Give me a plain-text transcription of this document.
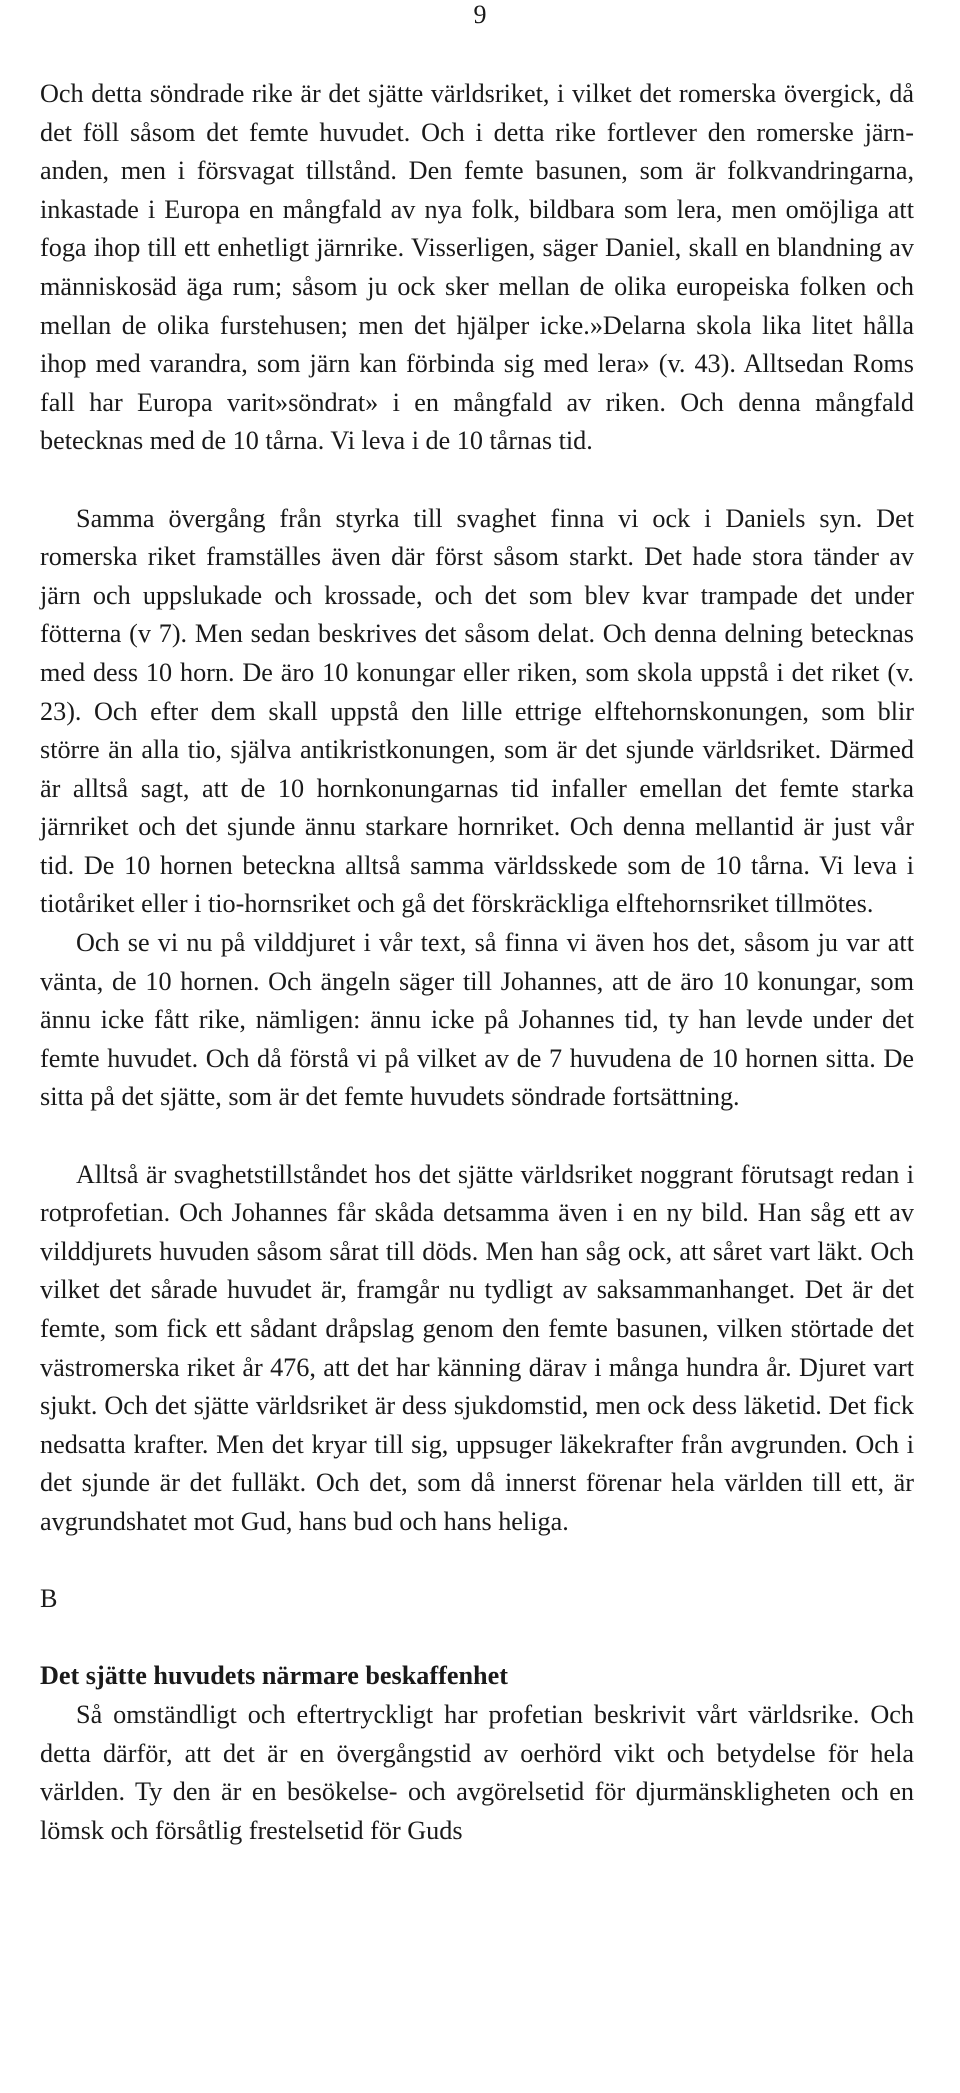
9

Och detta söndrade rike är det sjätte världsriket, i vilket det romerska övergick, då det föll såsom det femte huvudet. Och i detta rike fortlever den romerske järn-anden, men i försvagat tillstånd. Den femte basunen, som är folkvandringarna, inkastade i Europa en mångfald av nya folk, bildbara som lera, men omöjliga att foga ihop till ett enhetligt järnrike. Visserligen, säger Daniel, skall en blandning av människosäd äga rum; såsom ju ock sker mellan de olika europeiska folken och mellan de olika furstehusen; men det hjälper icke.»Delarna skola lika litet hålla ihop med varandra, som järn kan förbinda sig med lera» (v. 43). Alltsedan Roms fall har Europa varit»söndrat» i en mångfald av riken. Och denna mångfald betecknas med de 10 tårna. Vi leva i de 10 tårnas tid.

Samma övergång från styrka till svaghet finna vi ock i Daniels syn. Det romerska riket framställes även där först såsom starkt. Det hade stora tänder av järn och uppslukade och krossade, och det som blev kvar trampade det under fötterna (v 7). Men sedan beskrives det såsom delat. Och denna delning betecknas med dess 10 horn. De äro 10 konungar eller riken, som skola uppstå i det riket (v. 23). Och efter dem skall uppstå den lille ettrige elftehornskonungen, som blir större än alla tio, själva antikristkonungen, som är det sjunde världsriket. Därmed är alltså sagt, att de 10 hornkonungarnas tid infaller emellan det femte starka järnriket och det sjunde ännu starkare hornriket. Och denna mellantid är just vår tid. De 10 hornen beteckna alltså samma världsskede som de 10 tårna. Vi leva i tiotåriket eller i tio-hornsriket och gå det förskräckliga elftehornsriket tillmötes.

Och se vi nu på vilddjuret i vår text, så finna vi även hos det, såsom ju var att vänta, de 10 hornen. Och ängeln säger till Johannes, att de äro 10 konungar, som ännu icke fått rike, nämligen: ännu icke på Johannes tid, ty han levde under det femte huvudet. Och då förstå vi på vilket av de 7 huvudena de 10 hornen sitta. De sitta på det sjätte, som är det femte huvudets söndrade fortsättning.

Alltså är svaghetstillståndet hos det sjätte världsriket noggrant förutsagt redan i rotprofetian. Och Johannes får skåda detsamma även i en ny bild. Han såg ett av vilddjurets huvuden såsom sårat till döds. Men han såg ock, att såret vart läkt. Och vilket det sårade huvudet är, framgår nu tydligt av saksammanhanget. Det är det femte, som fick ett sådant dråpslag genom den femte basunen, vilken störtade det västromerska riket år 476, att det har känning därav i många hundra år. Djuret vart sjukt. Och det sjätte världsriket är dess sjukdomstid, men ock dess läketid. Det fick nedsatta krafter. Men det kryar till sig, uppsuger läkekrafter från avgrunden. Och i det sjunde är det fulläkt. Och det, som då innerst förenar hela världen till ett, är avgrundshatet mot Gud, hans bud och hans heliga.

B

Det sjätte huvudets närmare beskaffenhet

Så omständligt och eftertryckligt har profetian beskrivit vårt världsrike. Och detta därför, att det är en övergångstid av oerhörd vikt och betydelse för hela världen. Ty den är en besökelse- och avgörelsetid för djurmänskligheten och en lömsk och försåtlig frestelsetid för Guds
